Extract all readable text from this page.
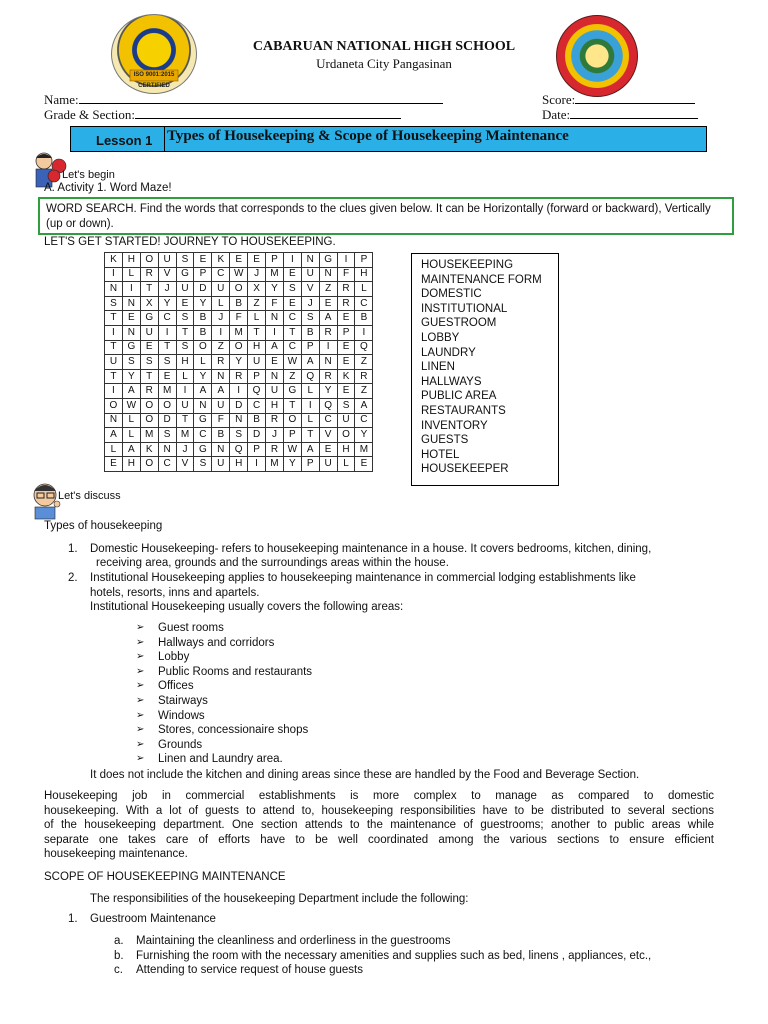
ISO 9001:2015 CERTIFIED
CABARUAN NATIONAL HIGH SCHOOL
Urdaneta City Pangasinan
Name:	Score:
Grade & Section:	Date:
Lesson 1 Types of Housekeeping & Scope of Housekeeping Maintenance
Let's begin
A. Activity 1. Word Maze!
WORD SEARCH. Find the words that corresponds to the clues given below. It can be Horizontally (forward or backward), Vertically (up or down).
LET'S GET STARTED! JOURNEY TO HOUSEKEEPING.
K	H	O	U	S	E	K	E	E	P	I	N	G	I	P
I	L	R	V	G	P	C	W	J	M	E	U	N	F	H
N	I	T	J	U	D	U	O	X	Y	S	V	Z	R	L
S	N	X	Y	E	Y	L	B	Z	F	E	J	E	R	C
T	E	G	C	S	B	J	F	L	N	C	S	A	E	B
I	N	U	I	T	B	I	M	T	I	T	B	R	P	I
T	G	E	T	S	O	Z	O	H	A	C	P	I	E	Q
U	S	S	S	H	L	R	Y	U	E	W	A	N	E	Z
T	Y	T	E	L	Y	N	R	P	N	Z	Q	R	K	R
I	A	R	M	I	A	A	I	Q	U	G	L	Y	E	Z
O	W	O	O	U	N	U	D	C	H	T	I	Q	S	A
N	L	O	D	T	G	F	N	B	R	O	L	C	U	C
A	L	M	S	M	C	B	S	D	J	P	T	V	O	Y
L	A	K	N	J	G	N	Q	P	R	W	A	E	H	M
E	H	O	C	V	S	U	H	I	M	Y	P	U	L	E
HOUSEKEEPING
MAINTENANCE FORM
DOMESTIC
INSTITUTIONAL
GUESTROOM
LOBBY
LAUNDRY
LINEN
HALLWAYS
PUBLIC AREA
RESTAURANTS
INVENTORY
GUESTS
HOTEL
HOUSEKEEPER
Let's discuss
Types of housekeeping
1. Domestic Housekeeping- refers to housekeeping maintenance in a house. It covers bedrooms, kitchen, dining,
receiving area, grounds and the surroundings areas within the house.
2. Institutional Housekeeping applies to housekeeping maintenance in commercial lodging establishments like
hotels, resorts, inns and apartels.
Institutional Housekeeping usually covers the following areas:
➢ Guest rooms
➢ Hallways and corridors
➢ Lobby
➢ Public Rooms and restaurants
➢ Offices
➢ Stairways
➢ Windows
➢ Stores, concessionaire shops
➢ Grounds
➢ Linen and Laundry area.
It does not include the kitchen and dining areas since these are handled by the Food and Beverage Section.
Housekeeping job in commercial establishments is more complex to manage as compared to domestic
housekeeping. With a lot of guests to attend to, housekeeping responsibilities have to be distributed to several sections
of the housekeeping department. One section attends to the maintenance of guestrooms; another to public areas while
separate one takes care of efforts have to be well coordinated among the various sections to ensure efficient
housekeeping maintenance.
SCOPE OF HOUSEKEEPING MAINTENANCE
The responsibilities of the housekeeping Department include the following:
1. Guestroom Maintenance
a. Maintaining the cleanliness and orderliness in the guestrooms
b. Furnishing the room with the necessary amenities and supplies such as bed, linens , appliances, etc.,
c. Attending to service request of house guests
